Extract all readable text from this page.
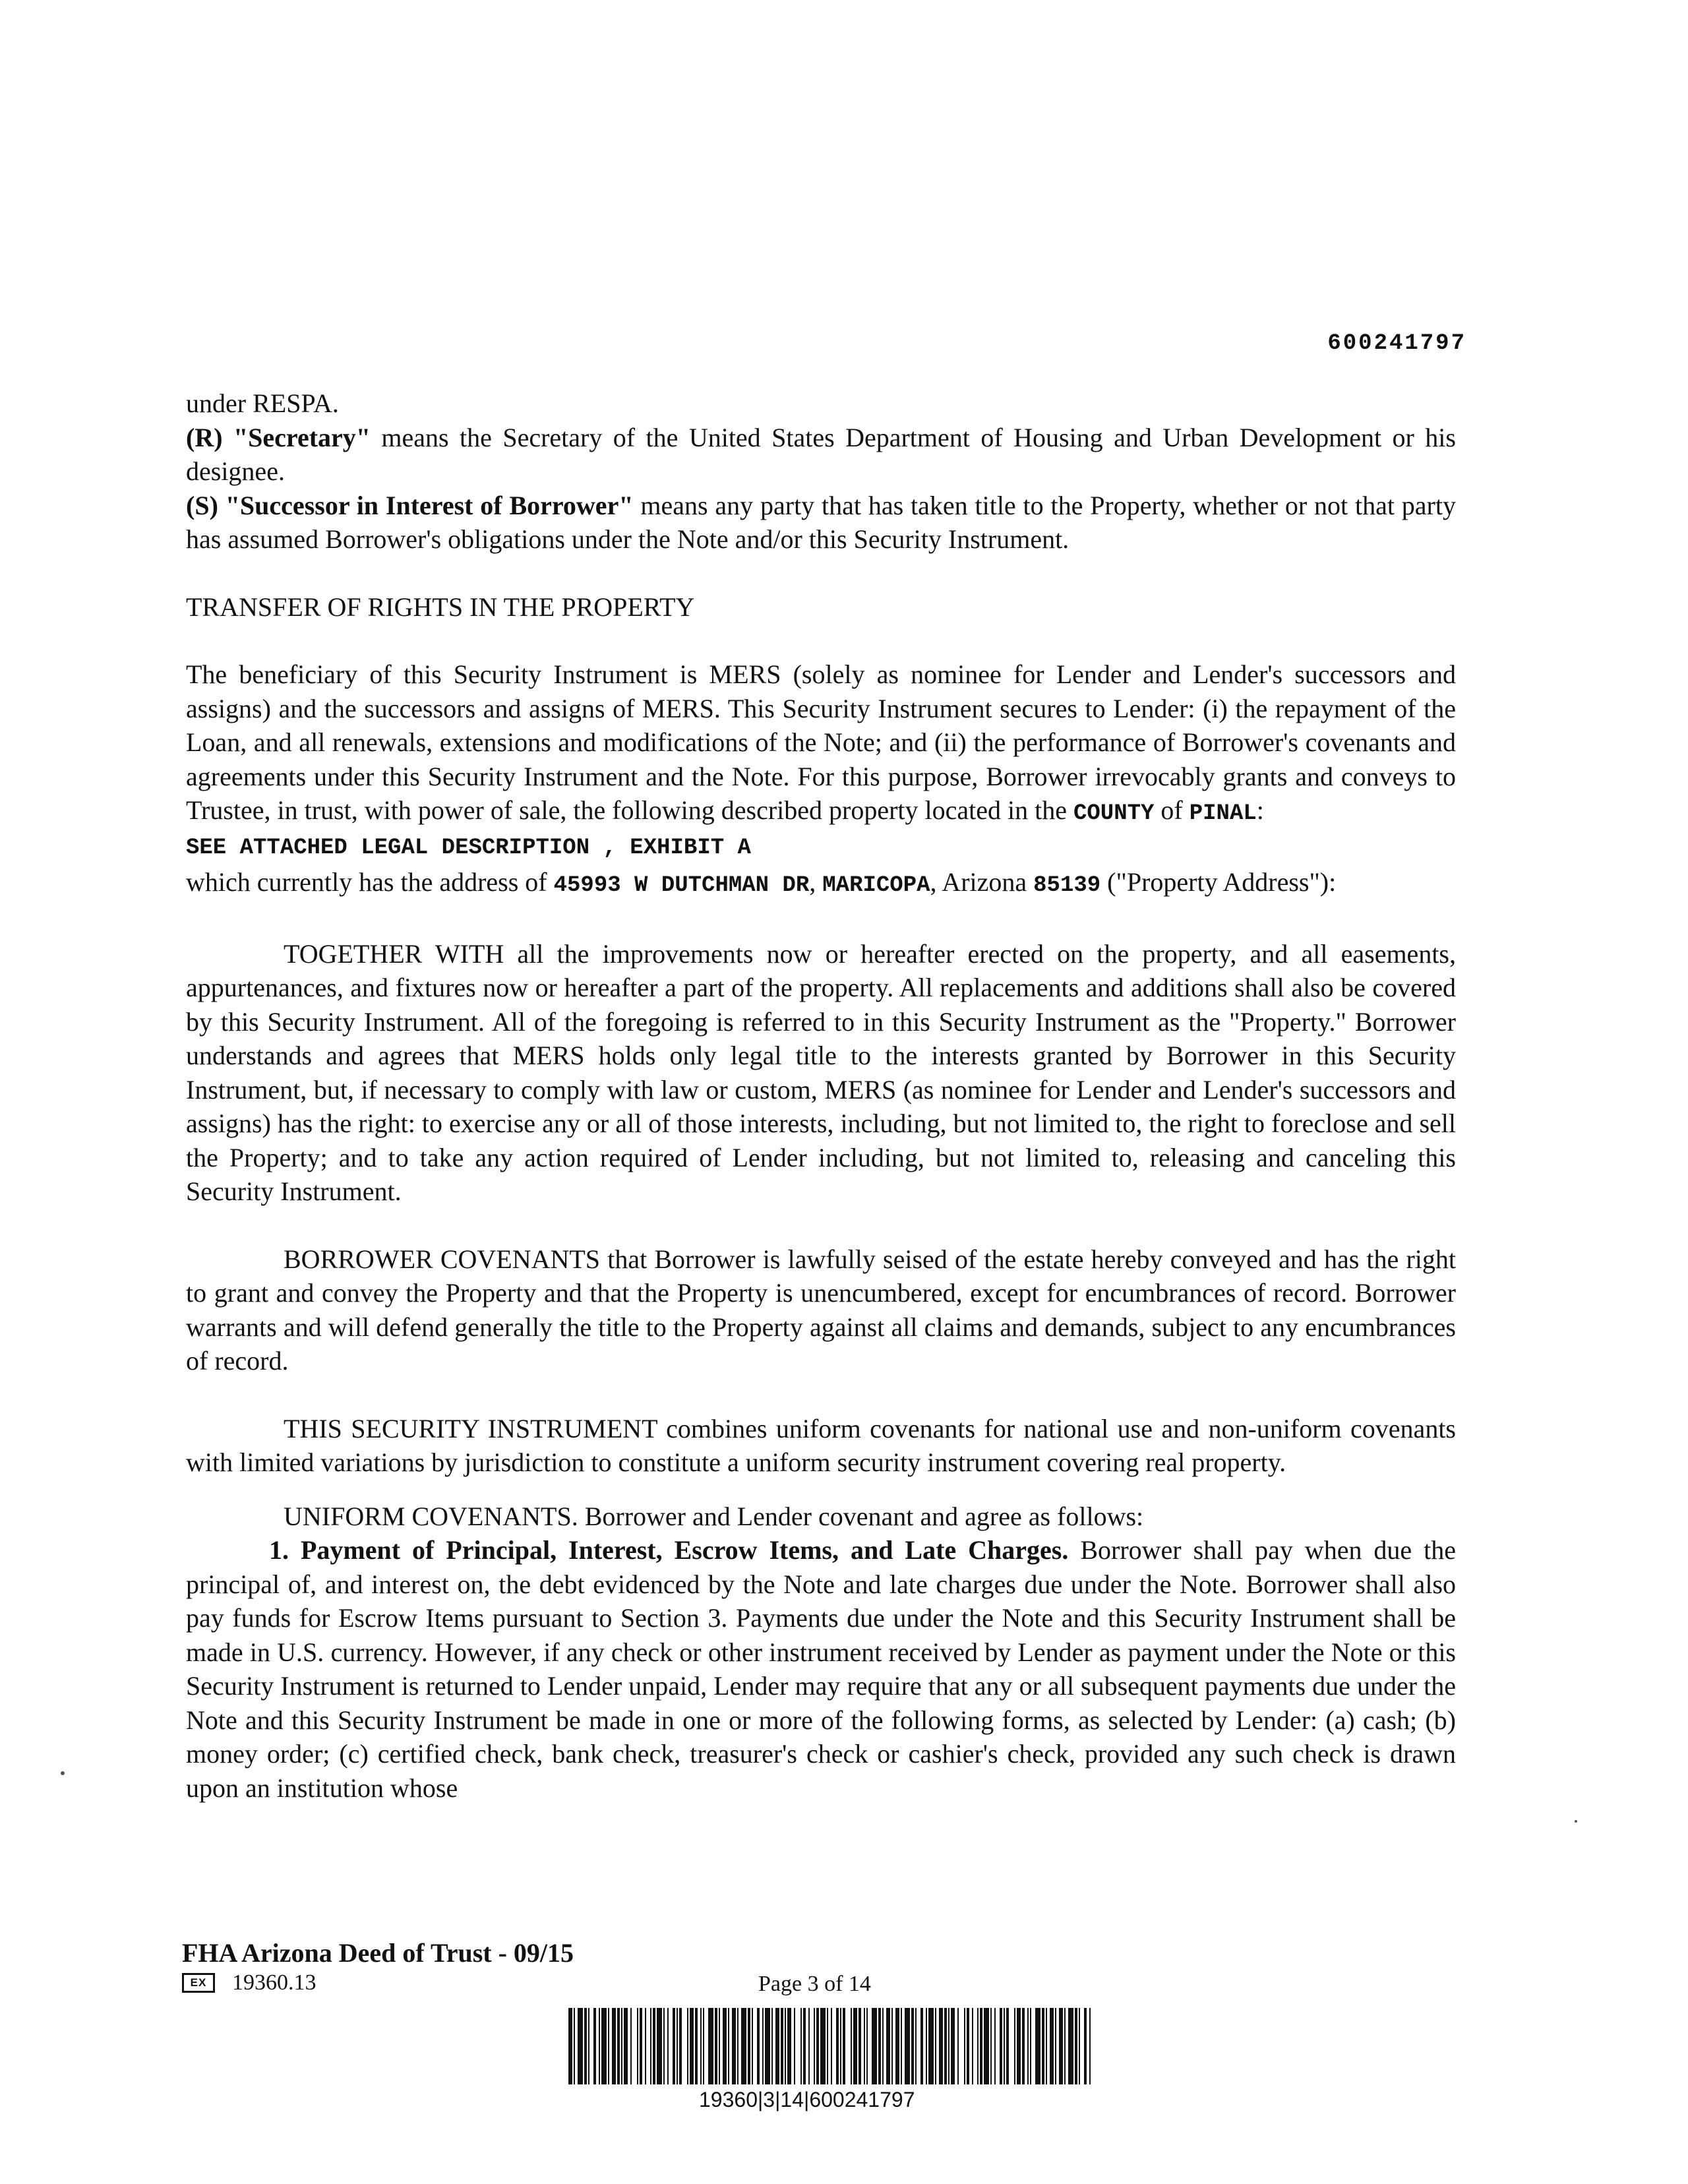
600241797

under RESPA.

(R) "Secretary" means the Secretary of the United States Department of Housing and Urban Development or his designee.

(S) "Successor in Interest of Borrower" means any party that has taken title to the Property, whether or not that party has assumed Borrower's obligations under the Note and/or this Security Instrument.

TRANSFER OF RIGHTS IN THE PROPERTY

The beneficiary of this Security Instrument is MERS (solely as nominee for Lender and Lender's successors and assigns) and the successors and assigns of MERS. This Security Instrument secures to Lender: (i) the repayment of the Loan, and all renewals, extensions and modifications of the Note; and (ii) the performance of Borrower's covenants and agreements under this Security Instrument and the Note. For this purpose, Borrower irrevocably grants and conveys to Trustee, in trust, with power of sale, the following described property located in the COUNTY of PINAL:

SEE ATTACHED LEGAL DESCRIPTION , EXHIBIT A

which currently has the address of 45993 W DUTCHMAN DR, MARICOPA, Arizona 85139 ("Property Address"):

TOGETHER WITH all the improvements now or hereafter erected on the property, and all easements, appurtenances, and fixtures now or hereafter a part of the property. All replacements and additions shall also be covered by this Security Instrument. All of the foregoing is referred to in this Security Instrument as the "Property." Borrower understands and agrees that MERS holds only legal title to the interests granted by Borrower in this Security Instrument, but, if necessary to comply with law or custom, MERS (as nominee for Lender and Lender's successors and assigns) has the right: to exercise any or all of those interests, including, but not limited to, the right to foreclose and sell the Property; and to take any action required of Lender including, but not limited to, releasing and canceling this Security Instrument.

BORROWER COVENANTS that Borrower is lawfully seised of the estate hereby conveyed and has the right to grant and convey the Property and that the Property is unencumbered, except for encumbrances of record. Borrower warrants and will defend generally the title to the Property against all claims and demands, subject to any encumbrances of record.

THIS SECURITY INSTRUMENT combines uniform covenants for national use and non-uniform covenants with limited variations by jurisdiction to constitute a uniform security instrument covering real property.

UNIFORM COVENANTS. Borrower and Lender covenant and agree as follows:

1. Payment of Principal, Interest, Escrow Items, and Late Charges. Borrower shall pay when due the principal of, and interest on, the debt evidenced by the Note and late charges due under the Note. Borrower shall also pay funds for Escrow Items pursuant to Section 3. Payments due under the Note and this Security Instrument shall be made in U.S. currency. However, if any check or other instrument received by Lender as payment under the Note or this Security Instrument is returned to Lender unpaid, Lender may require that any or all subsequent payments due under the Note and this Security Instrument be made in one or more of the following forms, as selected by Lender: (a) cash; (b) money order; (c) certified check, bank check, treasurer's check or cashier's check, provided any such check is drawn upon an institution whose

FHA Arizona Deed of Trust - 09/15
EX	19360.13	Page 3 of 14
19360|3|14|600241797
